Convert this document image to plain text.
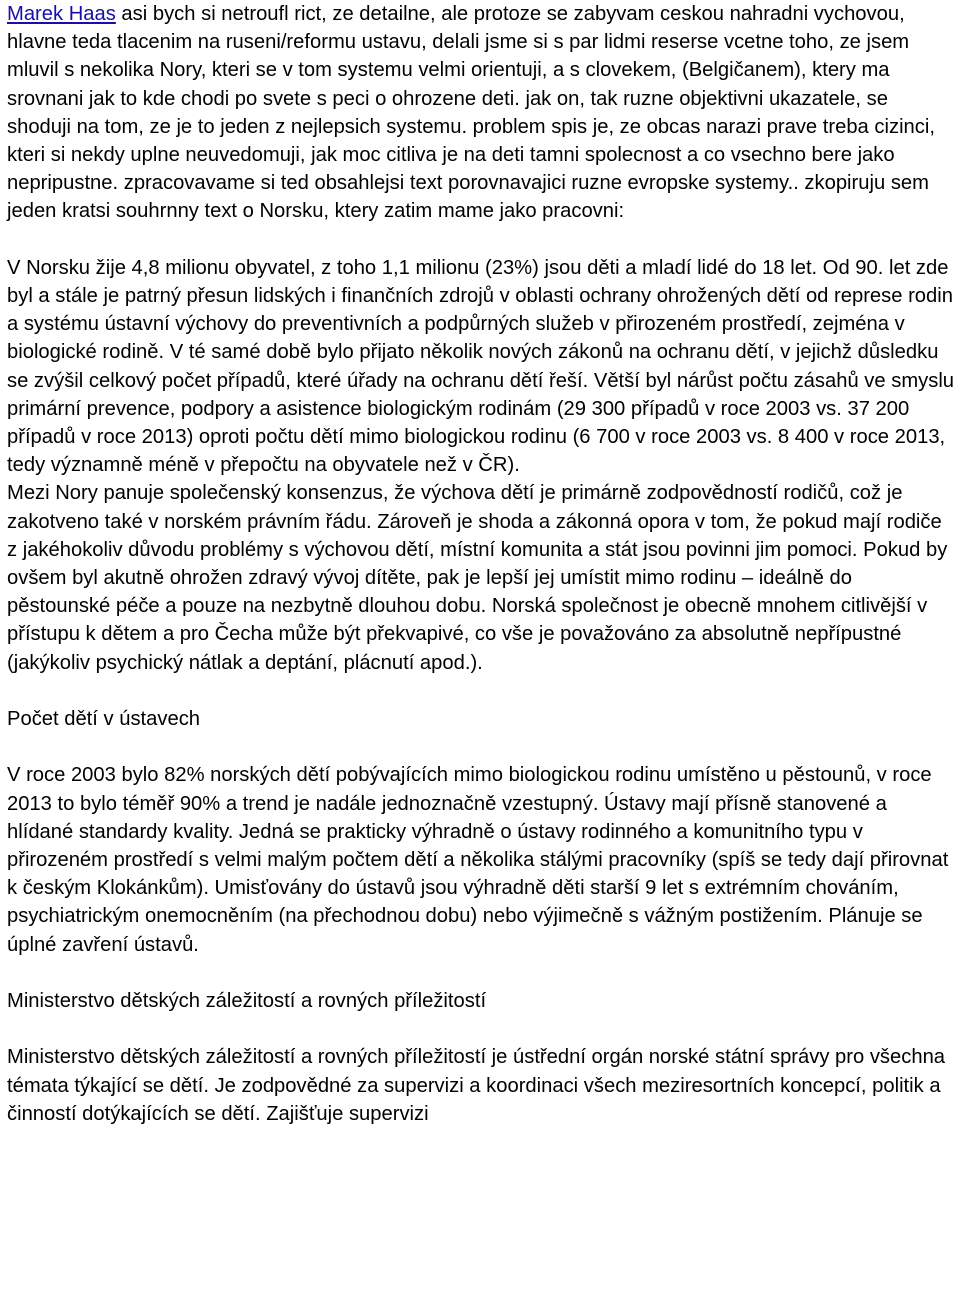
Marek Haas asi bych si netroufl rict, ze detailne, ale protoze se zabyvam ceskou nahradni vychovou, hlavne teda tlacenim na ruseni/reformu ustavu, delali jsme si s par lidmi reserse vcetne toho, ze jsem mluvil s nekolika Nory, kteri se v tom systemu velmi orientuji, a s clovekem, (Belgičanem), ktery ma srovnani jak to kde chodi po svete s peci o ohrozene deti. jak on, tak ruzne objektivni ukazatele, se shoduji na tom, ze je to jeden z nejlepsich systemu. problem spis je, ze obcas narazi prave treba cizinci, kteri si nekdy uplne neuvedomuji, jak moc citliva je na deti tamni spolecnost a co vsechno bere jako nepripustne. zpracovavame si ted obsahlejsi text porovnavajici ruzne evropske systemy.. zkopiruju sem jeden kratsi souhrnny text o Norsku, ktery zatim mame jako pracovni:

V Norsku žije 4,8 milionu obyvatel, z toho 1,1 milionu (23%) jsou děti a mladí lidé do 18 let. Od 90. let zde byl a stále je patrný přesun lidských i finančních zdrojů v oblasti ochrany ohrožených dětí od represe rodin a systému ústavní výchovy do preventivních a podpůrných služeb v přirozeném prostředí, zejména v biologické rodině. V té samé době bylo přijato několik nových zákonů na ochranu dětí, v jejichž důsledku se zvýšil celkový počet případů, které úřady na ochranu dětí řeší. Větší byl nárůst počtu zásahů ve smyslu primární prevence, podpory a asistence biologickým rodinám (29 300 případů v roce 2003 vs. 37 200 případů v roce 2013) oproti počtu dětí mimo biologickou rodinu (6 700 v roce 2003 vs. 8 400 v roce 2013, tedy významně méně v přepočtu na obyvatele než v ČR).

Mezi Nory panuje společenský konsenzus, že výchova dětí je primárně zodpovědností rodičů, což je zakotveno také v norském právním řádu. Zároveň je shoda a zákonná opora v tom, že pokud mají rodiče z jakéhokoliv důvodu problémy s výchovou dětí, místní komunita a stát jsou povinni jim pomoci. Pokud by ovšem byl akutně ohrožen zdravý vývoj dítěte, pak je lepší jej umístit mimo rodinu – ideálně do pěstounské péče a pouze na nezbytně dlouhou dobu. Norská společnost je obecně mnohem citlivější v přístupu k dětem a pro Čecha může být překvapivé, co vše je považováno za absolutně nepřípustné (jakýkoliv psychický nátlak a deptání, plácnutí apod.).

Počet dětí v ústavech

V roce 2003 bylo 82% norských dětí pobývajících mimo biologickou rodinu umístěno u pěstounů, v roce 2013 to bylo téměř 90% a trend je nadále jednoznačně vzestupný. Ústavy mají přísně stanovené a hlídané standardy kvality. Jedná se prakticky výhradně o ústavy rodinného a komunitního typu v přirozeném prostředí s velmi malým počtem dětí a několika stálými pracovníky (spíš se tedy dají přirovnat k českým Klokánkům). Umisťovány do ústavů jsou výhradně děti starší 9 let s extrémním chováním, psychiatrickým onemocněním (na přechodnou dobu) nebo výjimečně s vážným postižením. Plánuje se úplné zavření ústavů.

Ministerstvo dětských záležitostí a rovných příležitostí

Ministerstvo dětských záležitostí a rovných příležitostí je ústřední orgán norské státní správy pro všechna témata týkající se dětí. Je zodpovědné za supervizi a koordinaci všech meziresortních koncepcí, politik a činností dotýkajících se dětí. Zajišťuje supervizi
